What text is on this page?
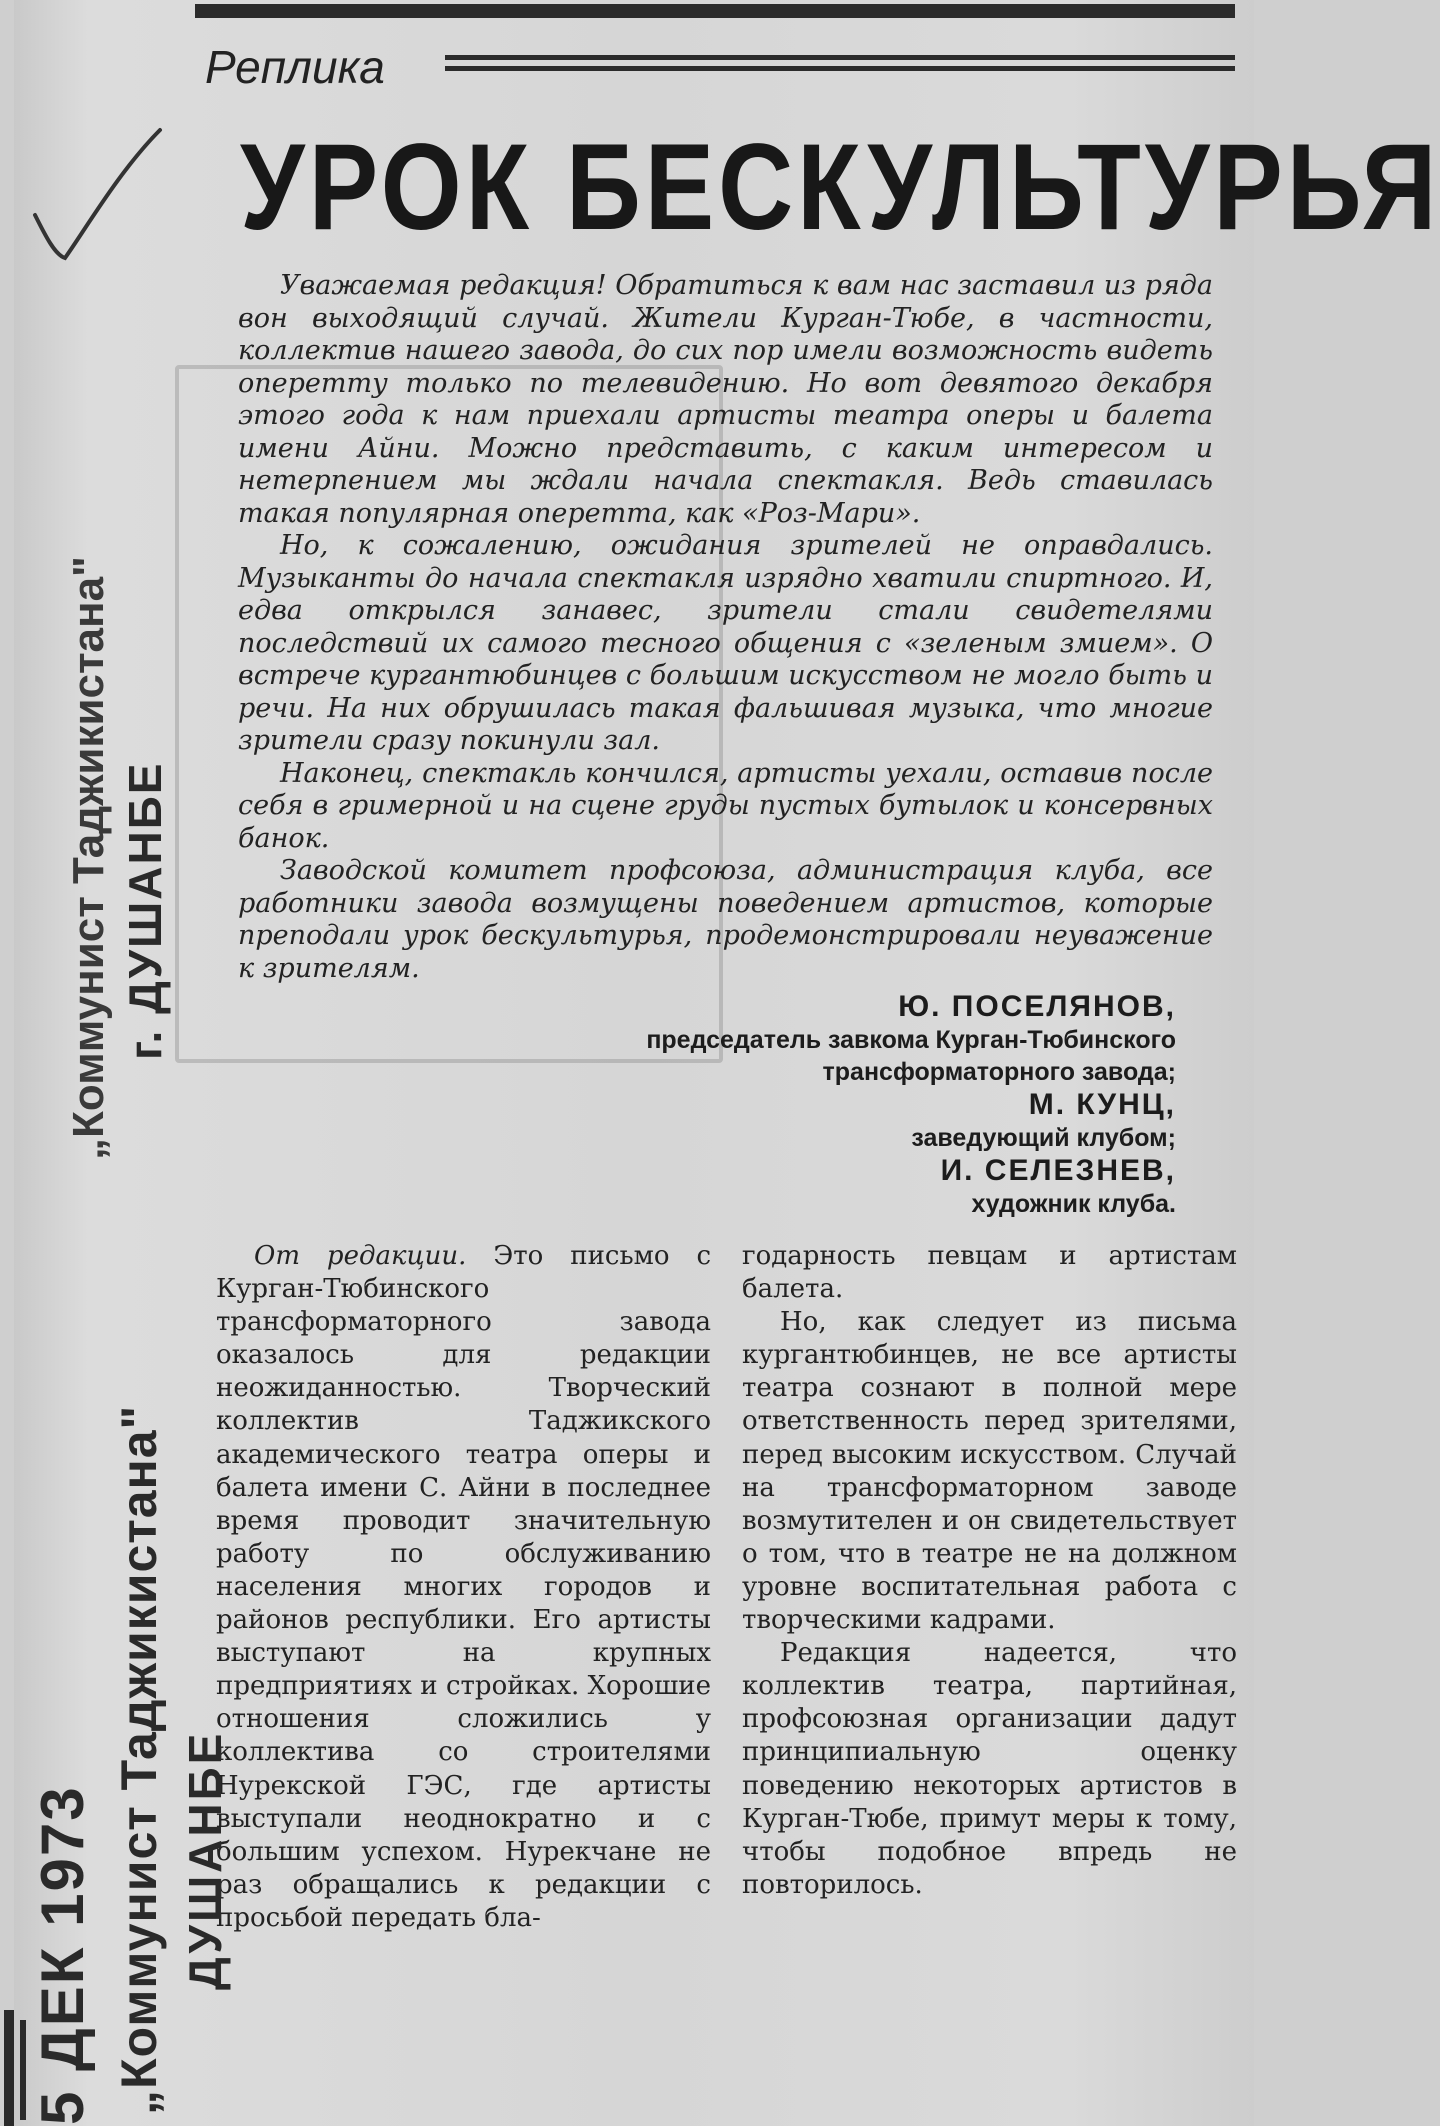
Реплика
УРОК БЕСКУЛЬТУРЬЯ

Уважаемая редакция! Обратиться к вам нас заставил из ряда вон выходящий случай. Жители Курган-Тюбе, в частности, коллектив нашего завода, до сих пор имели возможность видеть оперетту только по телевидению. Но вот девятого декабря этого года к нам приехали артисты театра оперы и балета имени Айни. Можно представить, с каким интересом и нетерпением мы ждали начала спектакля. Ведь ставилась такая популярная оперетта, как «Роз-Мари».

Но, к сожалению, ожидания зрителей не оправдались. Музыканты до начала спектакля изрядно хватили спиртного. И, едва открылся занавес, зрители стали свидетелями последствий их самого тесного общения с «зеленым змием». О встрече кургантюбинцев с большим искусством не могло быть и речи. На них обрушилась такая фальшивая музыка, что многие зрители сразу покинули зал.

Наконец, спектакль кончился, артисты уехали, оставив после себя в гримерной и на сцене груды пустых бутылок и консервных банок.

Заводской комитет профсоюза, администрация клуба, все работники завода возмущены поведением артистов, которые преподали урок бескультурья, продемонстрировали неуважение к зрителям.

Ю. ПОСЕЛЯНОВ,
председатель завкома Курган-Тюбинского
трансформаторного завода;
М. КУНЦ,
заведующий клубом;
И. СЕЛЕЗНЕВ,
художник клуба.

От редакции. Это письмо с Курган-Тюбинского трансформаторного завода оказалось для редакции неожиданностью. Творческий коллектив Таджикского академического театра оперы и балета имени С. Айни в последнее время проводит значительную работу по обслуживанию населения многих городов и районов республики. Его артисты выступают на крупных предприятиях и стройках. Хорошие отношения сложились у коллектива со строителями Нурекской ГЭС, где артисты выступали неоднократно и с большим успехом. Нурекчане не раз обращались к редакции с просьбой передать бла-

годарность певцам и артистам балета.

Но, как следует из письма кургантюбинцев, не все артисты театра сознают в полной мере ответственность перед зрителями, перед высоким искусством. Случай на трансформаторном заводе возмутителен и он свидетельствует о том, что в театре не на должном уровне воспитательная работа с творческими кадрами.

Редакция надеется, что коллектив театра, партийная, профсоюзная организации дадут принципиальную оценку поведению некоторых артистов в Курган-Тюбе, примут меры к тому, чтобы подобное впредь не повторилось.

„Коммунист Таджикистана" г. ДУШАНБЕ
5 ДЕК 1973 „Коммунист Таджикистана" ДУШАНБЕ
